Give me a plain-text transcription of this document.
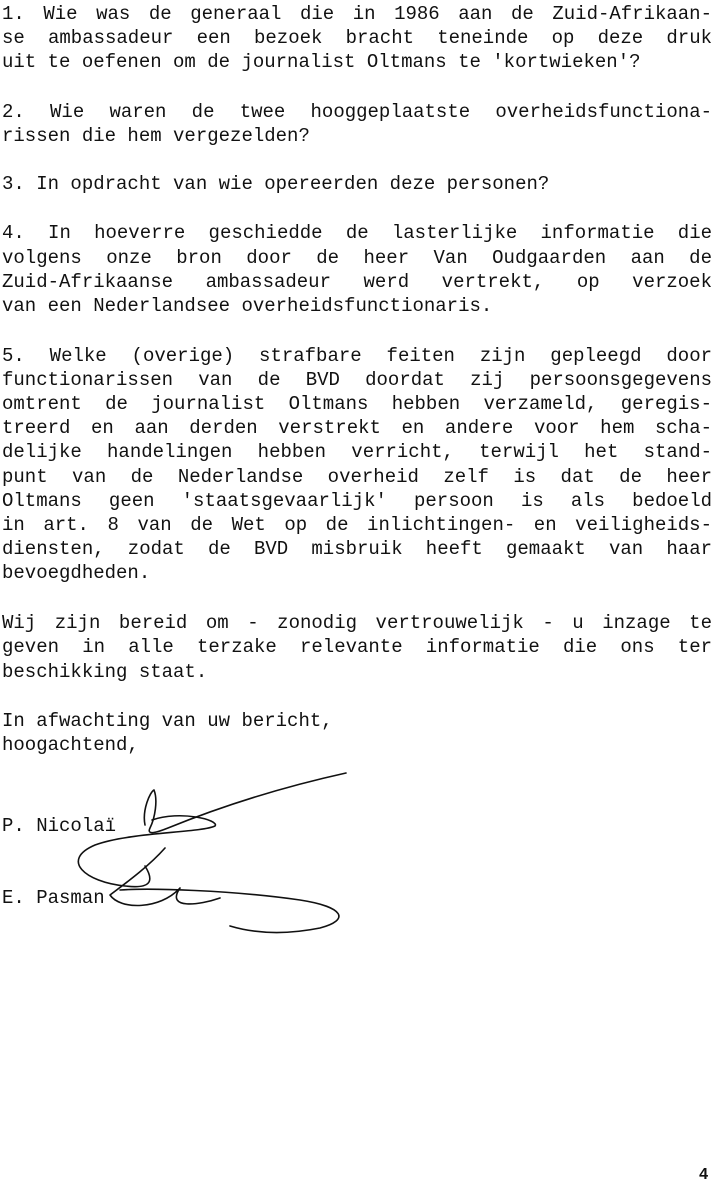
1. Wie was de generaal die in 1986 aan de Zuid-Afrikaan-
se ambassadeur een bezoek bracht teneinde op deze druk
uit te oefenen om de journalist Oltmans te 'kortwieken'?
2. Wie waren de twee hooggeplaatste overheidsfunctiona-
rissen die hem vergezelden?
3. In opdracht van wie opereerden deze personen?
4. In hoeverre geschiedde de lasterlijke informatie die
volgens onze bron door de heer Van Oudgaarden aan de
Zuid-Afrikaanse ambassadeur werd vertrekt, op verzoek
van een Nederlandsee overheidsfunctionaris.
5. Welke (overige) strafbare feiten zijn gepleegd door
functionarissen van de BVD doordat zij persoonsgegevens
omtrent de journalist Oltmans hebben verzameld, geregis-
treerd en aan derden verstrekt en andere voor hem scha-
delijke handelingen hebben verricht, terwijl het stand-
punt van de Nederlandse overheid zelf is dat de heer
Oltmans geen 'staatsgevaarlijk' persoon is als bedoeld
in art. 8 van de Wet op de inlichtingen- en veiligheids-
diensten, zodat de BVD misbruik heeft gemaakt van haar
bevoegdheden.
Wij zijn bereid om - zonodig vertrouwelijk - u inzage te
geven in alle terzake relevante informatie die ons ter
beschikking staat.
In afwachting van uw bericht,
hoogachtend,
P. Nicolaï
E. Pasman
4
